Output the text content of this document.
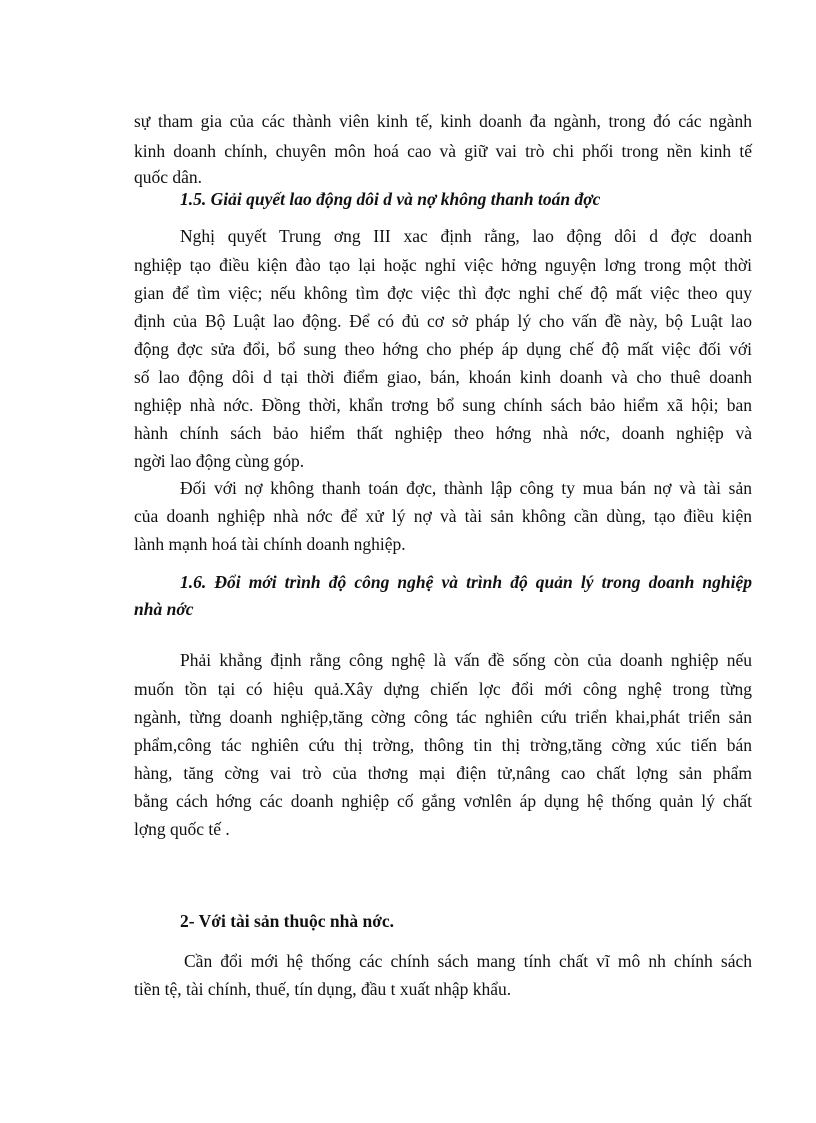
sự tham gia của các thành viên kinh tế, kinh doanh đa ngành, trong đó các ngành
kinh doanh chính, chuyên môn hoá cao và giữ vai trò chi phối trong nền kinh tế
quốc dân.
1.5. Giải quyết lao động dôi d và nợ không thanh toán đợc
Nghị quyết Trung ơng III xac định rằng, lao động dôi d đợc doanh
nghiệp tạo điều kiện đào tạo lại hoặc nghỉ việc hởng nguyện lơng trong một thời
gian để tìm việc; nếu không tìm đợc việc thì đợc nghỉ chế độ mất việc theo quy
định của Bộ Luật lao động. Để có đủ cơ sở pháp lý cho vấn đề này, bộ Luật lao
động đợc sửa đổi, bổ sung theo hớng cho phép áp dụng chế độ mất việc đối với
số lao động dôi d tại thời điểm giao, bán, khoán kinh doanh và cho thuê doanh
nghiệp nhà nớc. Đồng thời, khẩn trơng bổ sung chính sách bảo hiểm xã hội; ban
hành chính sách bảo hiểm thất nghiệp theo hớng nhà nớc, doanh nghiệp và
ngời lao động cùng góp.
Đối với nợ không thanh toán đợc, thành lập công ty mua bán nợ và tài sản
của doanh nghiệp nhà nớc để xử lý nợ và tài sản không cần dùng, tạo điều kiện
lành mạnh hoá tài chính doanh nghiệp.
1.6. Đổi mới trình độ công nghệ và trình độ quản lý trong doanh nghiệp
nhà nớc
Phải khẳng định rằng công nghệ là vấn đề sống còn của doanh nghiệp nếu
muốn tồn tại có hiệu quả.Xây dựng chiến lợc đổi mới công nghệ trong từng
ngành, từng doanh nghiệp,tăng cờng công tác nghiên cứu triển khai,phát triển sản
phẩm,công tác nghiên cứu thị trờng, thông tin thị trờng,tăng cờng xúc tiến bán
hàng, tăng cờng vai trò của thơng mại điện tử,nâng cao chất lợng sản phẩm
bằng cách hớng các doanh nghiệp cố gắng vơnlên áp dụng hệ thống quản lý chất
lợng quốc tế .
2- Với tài sản thuộc nhà nớc.
Cần đổi mới hệ thống các chính sách mang tính chất vĩ mô nh chính sách
tiền tệ, tài chính, thuế, tín dụng, đầu t xuất nhập khẩu.
